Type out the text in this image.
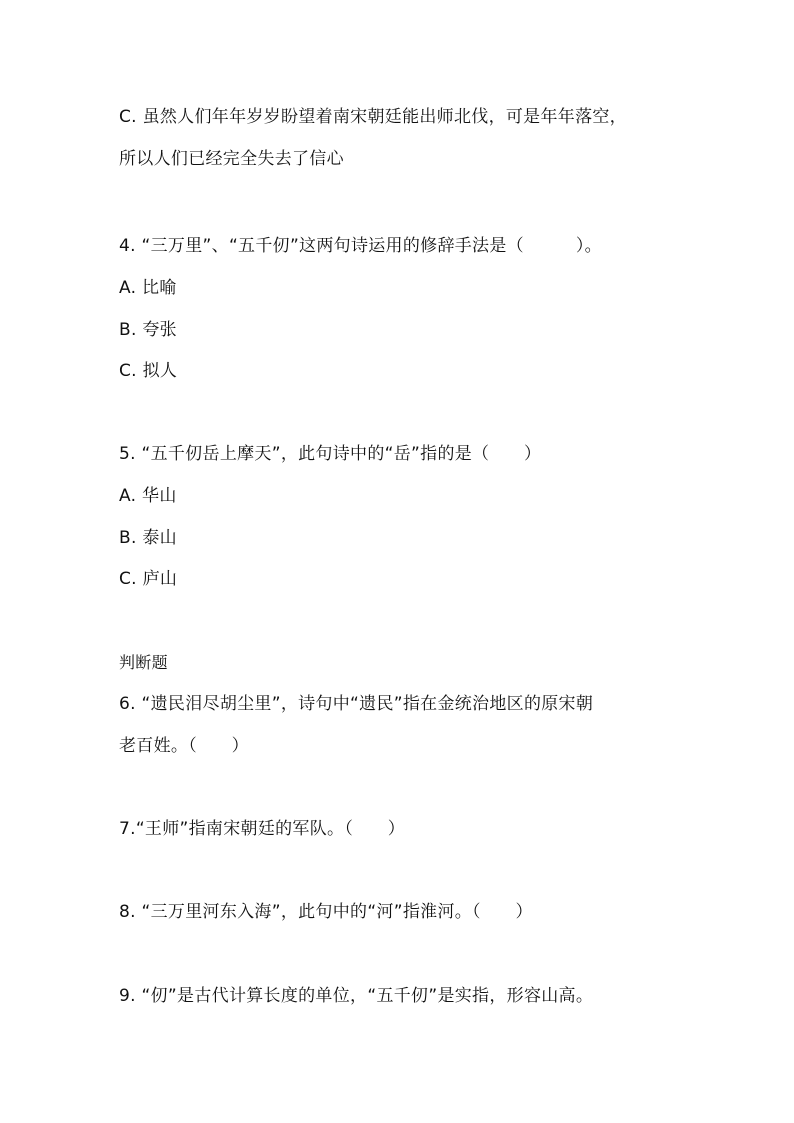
C. 虽然人们年年岁岁盼望着南宋朝廷能出师北伐，可是年年落空，
所以人们已经完全失去了信心
4. “三万里”、“五千仞”这两句诗运用的修辞手法是（　　　）。
A. 比喻
B. 夸张
C. 拟人
5. “五千仞岳上摩天”，此句诗中的“岳”指的是（　　）
A. 华山
B. 泰山
C. 庐山
判断题
6. “遗民泪尽胡尘里”，诗句中“遗民”指在金统治地区的原宋朝
老百姓。（　　）
7.“王师”指南宋朝廷的军队。（　　）
8. “三万里河东入海”，此句中的“河”指淮河。（　　）
9. “仞”是古代计算长度的单位，“五千仞”是实指，形容山高。
